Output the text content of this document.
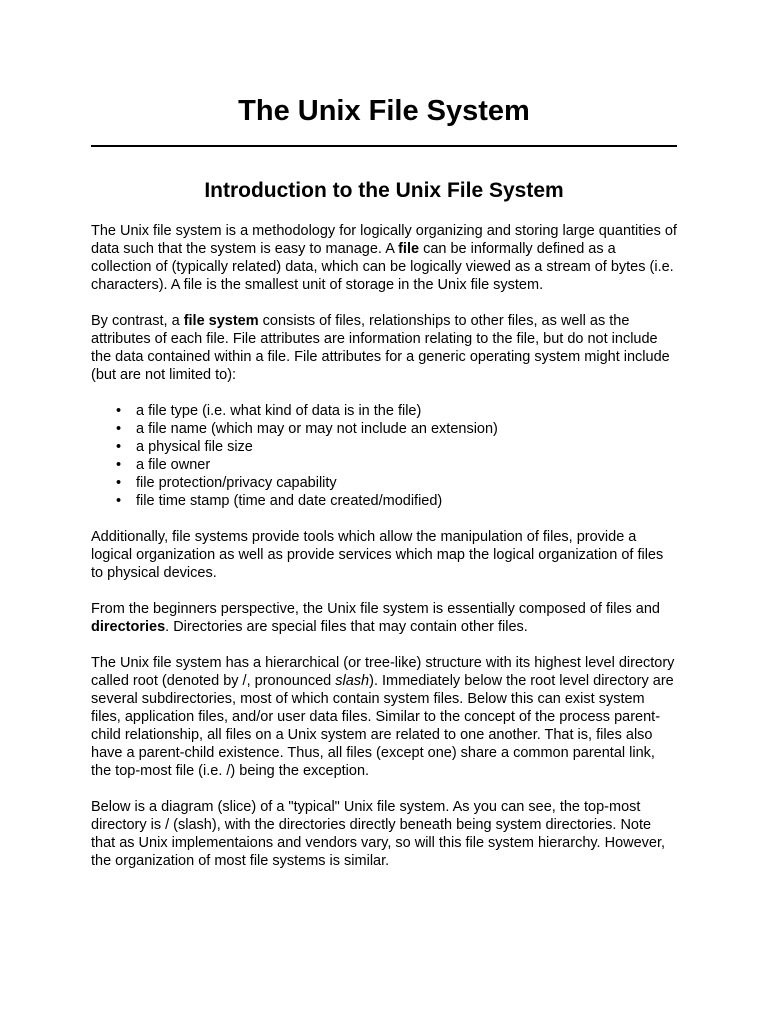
The Unix File System
Introduction to the Unix File System

The Unix file system is a methodology for logically organizing and storing large quantities of data such that the system is easy to manage. A file can be informally defined as a collection of (typically related) data, which can be logically viewed as a stream of bytes (i.e. characters). A file is the smallest unit of storage in the Unix file system.

By contrast, a file system consists of files, relationships to other files, as well as the attributes of each file. File attributes are information relating to the file, but do not include the data contained within a file. File attributes for a generic operating system might include (but are not limited to):

• a file type (i.e. what kind of data is in the file)
• a file name (which may or may not include an extension)
• a physical file size
• a file owner
• file protection/privacy capability
• file time stamp (time and date created/modified)

Additionally, file systems provide tools which allow the manipulation of files, provide a logical organization as well as provide services which map the logical organization of files to physical devices.

From the beginners perspective, the Unix file system is essentially composed of files and directories. Directories are special files that may contain other files.

The Unix file system has a hierarchical (or tree-like) structure with its highest level directory called root (denoted by /, pronounced slash). Immediately below the root level directory are several subdirectories, most of which contain system files. Below this can exist system files, application files, and/or user data files. Similar to the concept of the process parent-child relationship, all files on a Unix system are related to one another. That is, files also have a parent-child existence. Thus, all files (except one) share a common parental link, the top-most file (i.e. /) being the exception.

Below is a diagram (slice) of a "typical" Unix file system. As you can see, the top-most directory is / (slash), with the directories directly beneath being system directories. Note that as Unix implementaions and vendors vary, so will this file system hierarchy. However, the organization of most file systems is similar.
